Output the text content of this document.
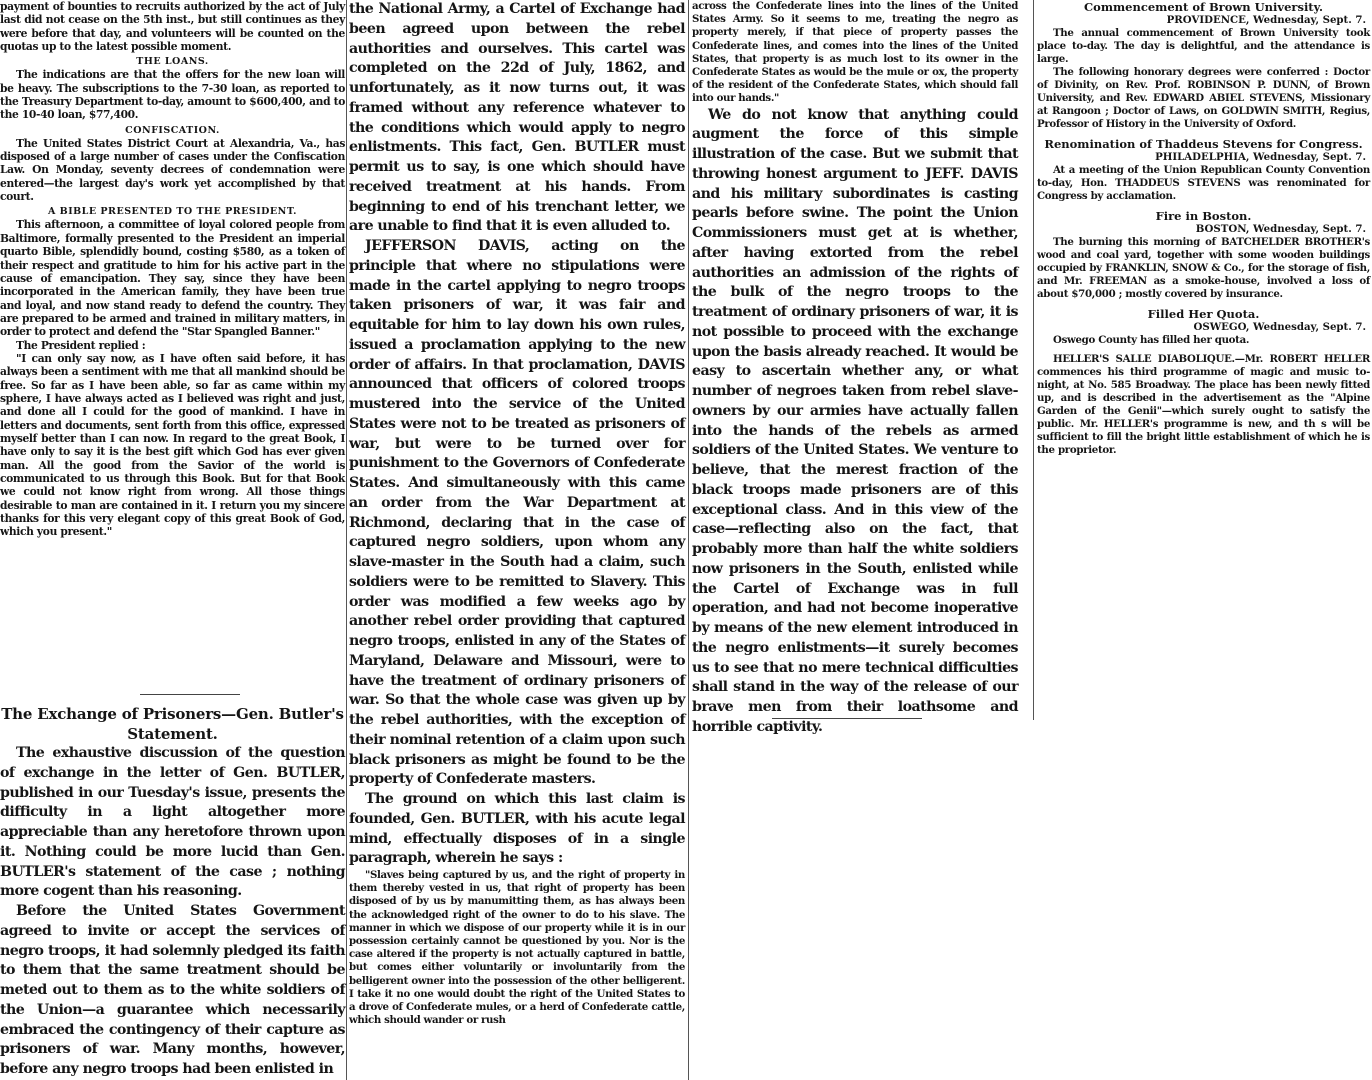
payment of bounties to recruits authorized by the act of July last did not cease on the 5th inst., but still continues as they were before that day, and volunteers will be counted on the quotas up to the latest possible moment.

THE LOANS.

The indications are that the offers for the new loan will be heavy. The subscriptions to the 7-30 loan, as reported to the Treasury Department to-day, amount to $600,400, and to the 10-40 loan, $77,400.

CONFISCATION.

The United States District Court at Alexandria, Va., has disposed of a large number of cases under the Confiscation Law. On Monday, seventy decrees of condemnation were entered—the largest day's work yet accomplished by that court.

A BIBLE PRESENTED TO THE PRESIDENT.

This afternoon, a committee of loyal colored people from Baltimore, formally presented to the President an imperial quarto Bible, splendidly bound, costing $580, as a token of their respect and gratitude to him for his active part in the cause of emancipation. They say, since they have been incorporated in the American family, they have been true and loyal, and now stand ready to defend the country. They are prepared to be armed and trained in military matters, in order to protect and defend the "Star Spangled Banner."

The President replied :

"I can only say now, as I have often said before, it has always been a sentiment with me that all mankind should be free. So far as I have been able, so far as came within my sphere, I have always acted as I believed was right and just, and done all I could for the good of mankind. I have in letters and documents, sent forth from this office, expressed myself better than I can now. In regard to the great Book, I have only to say it is the best gift which God has ever given man. All the good from the Savior of the world is communicated to us through this Book. But for that Book we could not know right from wrong. All those things desirable to man are contained in it. I return you my sincere thanks for this very elegant copy of this great Book of God, which you present."

The Exchange of Prisoners—Gen. Butler's Statement.

The exhaustive discussion of the question of exchange in the letter of Gen. BUTLER, published in our Tuesday's issue, presents the difficulty in a light altogether more appreciable than any heretofore thrown upon it. Nothing could be more lucid than Gen. BUTLER's statement of the case ; nothing more cogent than his reasoning.

Before the United States Government agreed to invite or accept the services of negro troops, it had solemnly pledged its faith to them that the same treatment should be meted out to them as to the white soldiers of the Union—a guarantee which necessarily embraced the contingency of their capture as prisoners of war. Many months, however, before any negro troops had been enlisted in

the National Army, a Cartel of Exchange had been agreed upon between the rebel authorities and ourselves. This cartel was completed on the 22d of July, 1862, and unfortunately, as it now turns out, it was framed without any reference whatever to the conditions which would apply to negro enlistments. This fact, Gen. BUTLER must permit us to say, is one which should have received treatment at his hands. From beginning to end of his trenchant letter, we are unable to find that it is even alluded to.

JEFFERSON DAVIS, acting on the principle that where no stipulations were made in the cartel applying to negro troops taken prisoners of war, it was fair and equitable for him to lay down his own rules, issued a proclamation applying to the new order of affairs. In that proclamation, DAVIS announced that officers of colored troops mustered into the service of the United States were not to be treated as prisoners of war, but were to be turned over for punishment to the Governors of Confederate States. And simultaneously with this came an order from the War Department at Richmond, declaring that in the case of captured negro soldiers, upon whom any slave-master in the South had a claim, such soldiers were to be remitted to Slavery. This order was modified a few weeks ago by another rebel order providing that captured negro troops, enlisted in any of the States of Maryland, Delaware and Missouri, were to have the treatment of ordinary prisoners of war. So that the whole case was given up by the rebel authorities, with the exception of their nominal retention of a claim upon such black prisoners as might be found to be the property of Confederate masters.

The ground on which this last claim is founded, Gen. BUTLER, with his acute legal mind, effectually disposes of in a single paragraph, wherein he says :

"Slaves being captured by us, and the right of property in them thereby vested in us, that right of property has been disposed of by us by manumitting them, as has always been the acknowledged right of the owner to do to his slave. The manner in which we dispose of our property while it is in our possession certainly cannot be questioned by you. Nor is the case altered if the property is not actually captured in battle, but comes either voluntarily or involuntarily from the belligerent owner into the possession of the other belligerent. I take it no one would doubt the right of the United States to a drove of Confederate mules, or a herd of Confederate cattle, which should wander or rush

across the Confederate lines into the lines of the United States Army. So it seems to me, treating the negro as property merely, if that piece of property passes the Confederate lines, and comes into the lines of the United States, that property is as much lost to its owner in the Confederate States as would be the mule or ox, the property of the resident of the Confederate States, which should fall into our hands."

We do not know that anything could augment the force of this simple illustration of the case. But we submit that throwing honest argument to JEFF. DAVIS and his military subordinates is casting pearls before swine. The point the Union Commissioners must get at is whether, after having extorted from the rebel authorities an admission of the rights of the bulk of the negro troops to the treatment of ordinary prisoners of war, it is not possible to proceed with the exchange upon the basis already reached. It would be easy to ascertain whether any, or what number of negroes taken from rebel slave-owners by our armies have actually fallen into the hands of the rebels as armed soldiers of the United States. We venture to believe, that the merest fraction of the black troops made prisoners are of this exceptional class. And in this view of the case—reflecting also on the fact, that probably more than half the white soldiers now prisoners in the South, enlisted while the Cartel of Exchange was in full operation, and had not become inoperative by means of the new element introduced in the negro enlistments—it surely becomes us to see that no mere technical difficulties shall stand in the way of the release of our brave men from their loathsome and horrible captivity.

Commencement of Brown University.

PROVIDENCE, Wednesday, Sept. 7.

The annual commencement of Brown University took place to-day. The day is delightful, and the attendance is large.

The following honorary degrees were conferred : Doctor of Divinity, on Rev. Prof. ROBINSON P. DUNN, of Brown University, and Rev. EDWARD ABIEL STEVENS, Missionary at Rangoon ; Doctor of Laws, on GOLDWIN SMITH, Regius, Professor of History in the University of Oxford.

Renomination of Thaddeus Stevens for Congress.

PHILADELPHIA, Wednesday, Sept. 7.

At a meeting of the Union Republican County Convention to-day, Hon. THADDEUS STEVENS was renominated for Congress by acclamation.

Fire in Boston.

BOSTON, Wednesday, Sept. 7.

The burning this morning of BATCHELDER BROTHER's wood and coal yard, together with some wooden buildings occupied by FRANKLIN, SNOW & Co., for the storage of fish, and Mr. FREEMAN as a smoke-house, involved a loss of about $70,000 ; mostly covered by insurance.

Filled Her Quota.

OSWEGO, Wednesday, Sept. 7.

Oswego County has filled her quota.

HELLER'S SALLE DIABOLIQUE.—Mr. ROBERT HELLER commences his third programme of magic and music to-night, at No. 585 Broadway. The place has been newly fitted up, and is described in the advertisement as the "Alpine Garden of the Genii"—which surely ought to satisfy the public. Mr. HELLER's programme is new, and th s will be sufficient to fill the bright little establishment of which he is the proprietor.
